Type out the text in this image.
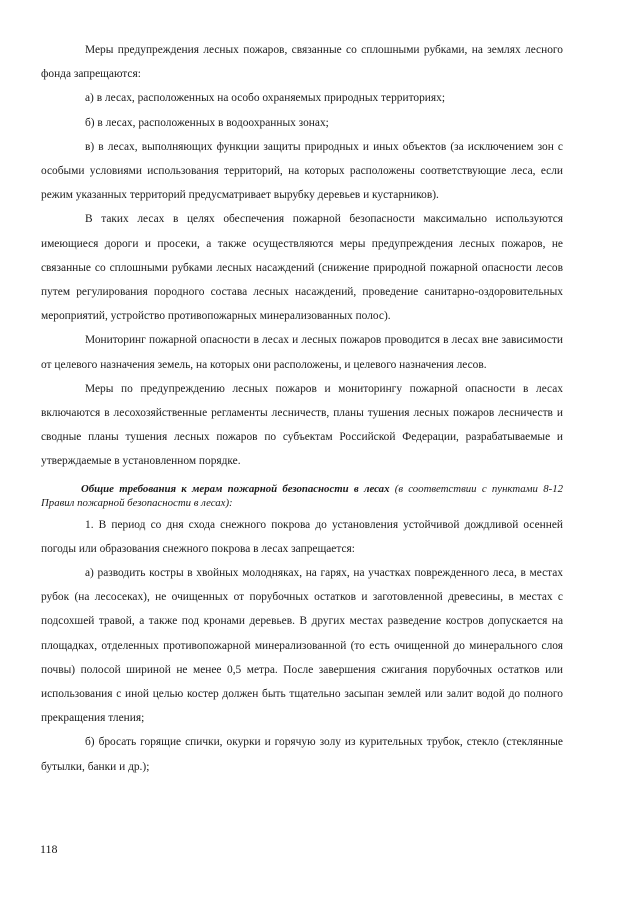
Меры предупреждения лесных пожаров, связанные со сплошными рубками, на землях лесного фонда запрещаются:

а) в лесах, расположенных на особо охраняемых природных территориях;

б) в лесах, расположенных в водоохранных зонах;

в) в лесах, выполняющих функции защиты природных и иных объектов (за исключением зон с особыми условиями использования территорий, на которых расположены соответствующие леса, если режим указанных территорий предусматривает вырубку деревьев и кустарников).

В таких лесах в целях обеспечения пожарной безопасности максимально используются имеющиеся дороги и просеки, а также осуществляются меры предупреждения лесных пожаров, не связанные со сплошными рубками лесных насаждений (снижение природной пожарной опасности лесов путем регулирования породного состава лесных насаждений, проведение санитарно-оздоровительных мероприятий, устройство противопожарных минерализованных полос).

Мониторинг пожарной опасности в лесах и лесных пожаров проводится в лесах вне зависимости от целевого назначения земель, на которых они расположены, и целевого назначения лесов.

Меры по предупреждению лесных пожаров и мониторингу пожарной опасности в лесах включаются в лесохозяйственные регламенты лесничеств, планы тушения лесных пожаров лесничеств и сводные планы тушения лесных пожаров по субъектам Российской Федерации, разрабатываемые и утверждаемые в установленном порядке.

Общие требования к мерам пожарной безопасности в лесах (в соответствии с пунктами 8-12 Правил пожарной безопасности в лесах):

1. В период со дня схода снежного покрова до установления устойчивой дождливой осенней погоды или образования снежного покрова в лесах запрещается:

а) разводить костры в хвойных молодняках, на гарях, на участках поврежденного леса, в местах рубок (на лесосеках), не очищенных от порубочных остатков и заготовленной древесины, в местах с подсохшей травой, а также под кронами деревьев. В других местах разведение костров допускается на площадках, отделенных противопожарной минерализованной (то есть очищенной до минерального слоя почвы) полосой шириной не менее 0,5 метра. После завершения сжигания порубочных остатков или использования с иной целью костер должен быть тщательно засыпан землей или залит водой до полного прекращения тления;

б) бросать горящие спички, окурки и горячую золу из курительных трубок, стекло (стеклянные бутылки, банки и др.);

118
